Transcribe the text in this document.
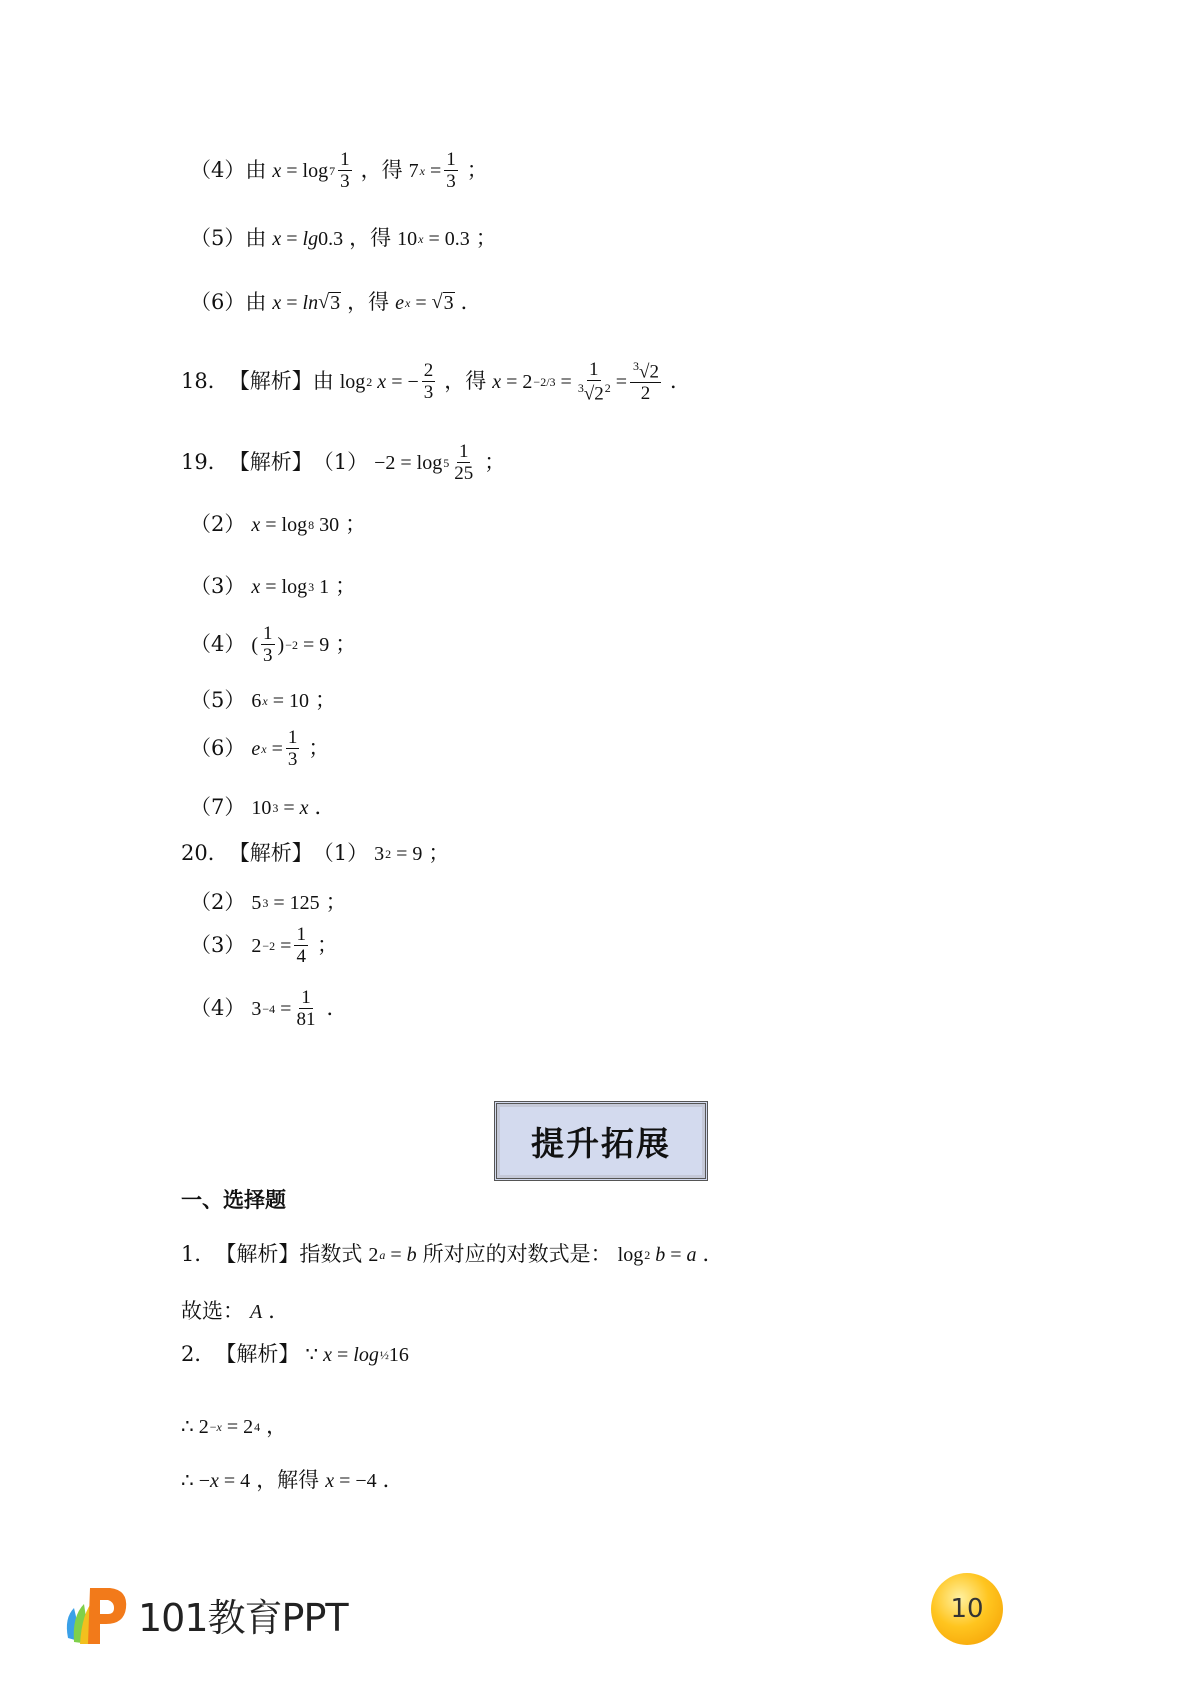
（4）由 $x = \log 7 \frac{1}{3}$ ，得 7 $x = \frac{1}{3}$ ；
（5）由 x = lg 0.3 ，得 10 x = 0.3 ；
（6）由 x = ln √ 3 ，得 e x = √ 3 ．
18． 【解析】 由 log 2
x = − $\frac{2}{3}$ ，得 $x = 2 -2/3 = \frac{1}{^3√2^2} = \frac{^3√2}{2}$ ．
19． 【解析】 $(1) -2 = \log 5 \frac{1}{25}$ ；
（2） x = log 8 30 ；
（3） x = log 3 1 ；
（4） ( $\frac{1}{3}$ ) −2 = 9 ；
（5） 6 x = 10 ；
（6） e $x = \frac{1}{3}$ ；
（7） 10 3 = x ．
20． 【解析】 （1） 3 2 = 9 ；
（2） 5 3 = 125 ；
（3） $2 -2 = \frac{1}{4}$ ；
（4） $3 -4 = \frac{1}{81}$ ．
提升拓展
一、选择题
1． 【解析】 指数式 2 a = b 所对应的对数式是： log 2
b = a ．
故选： A ．
2． 【解析】 ∵ x = log ½ 16
∴ 2 −x = 2 4 ，
∴ − x = 4 ，解得 x = −4 ．
101教育PPT	10
